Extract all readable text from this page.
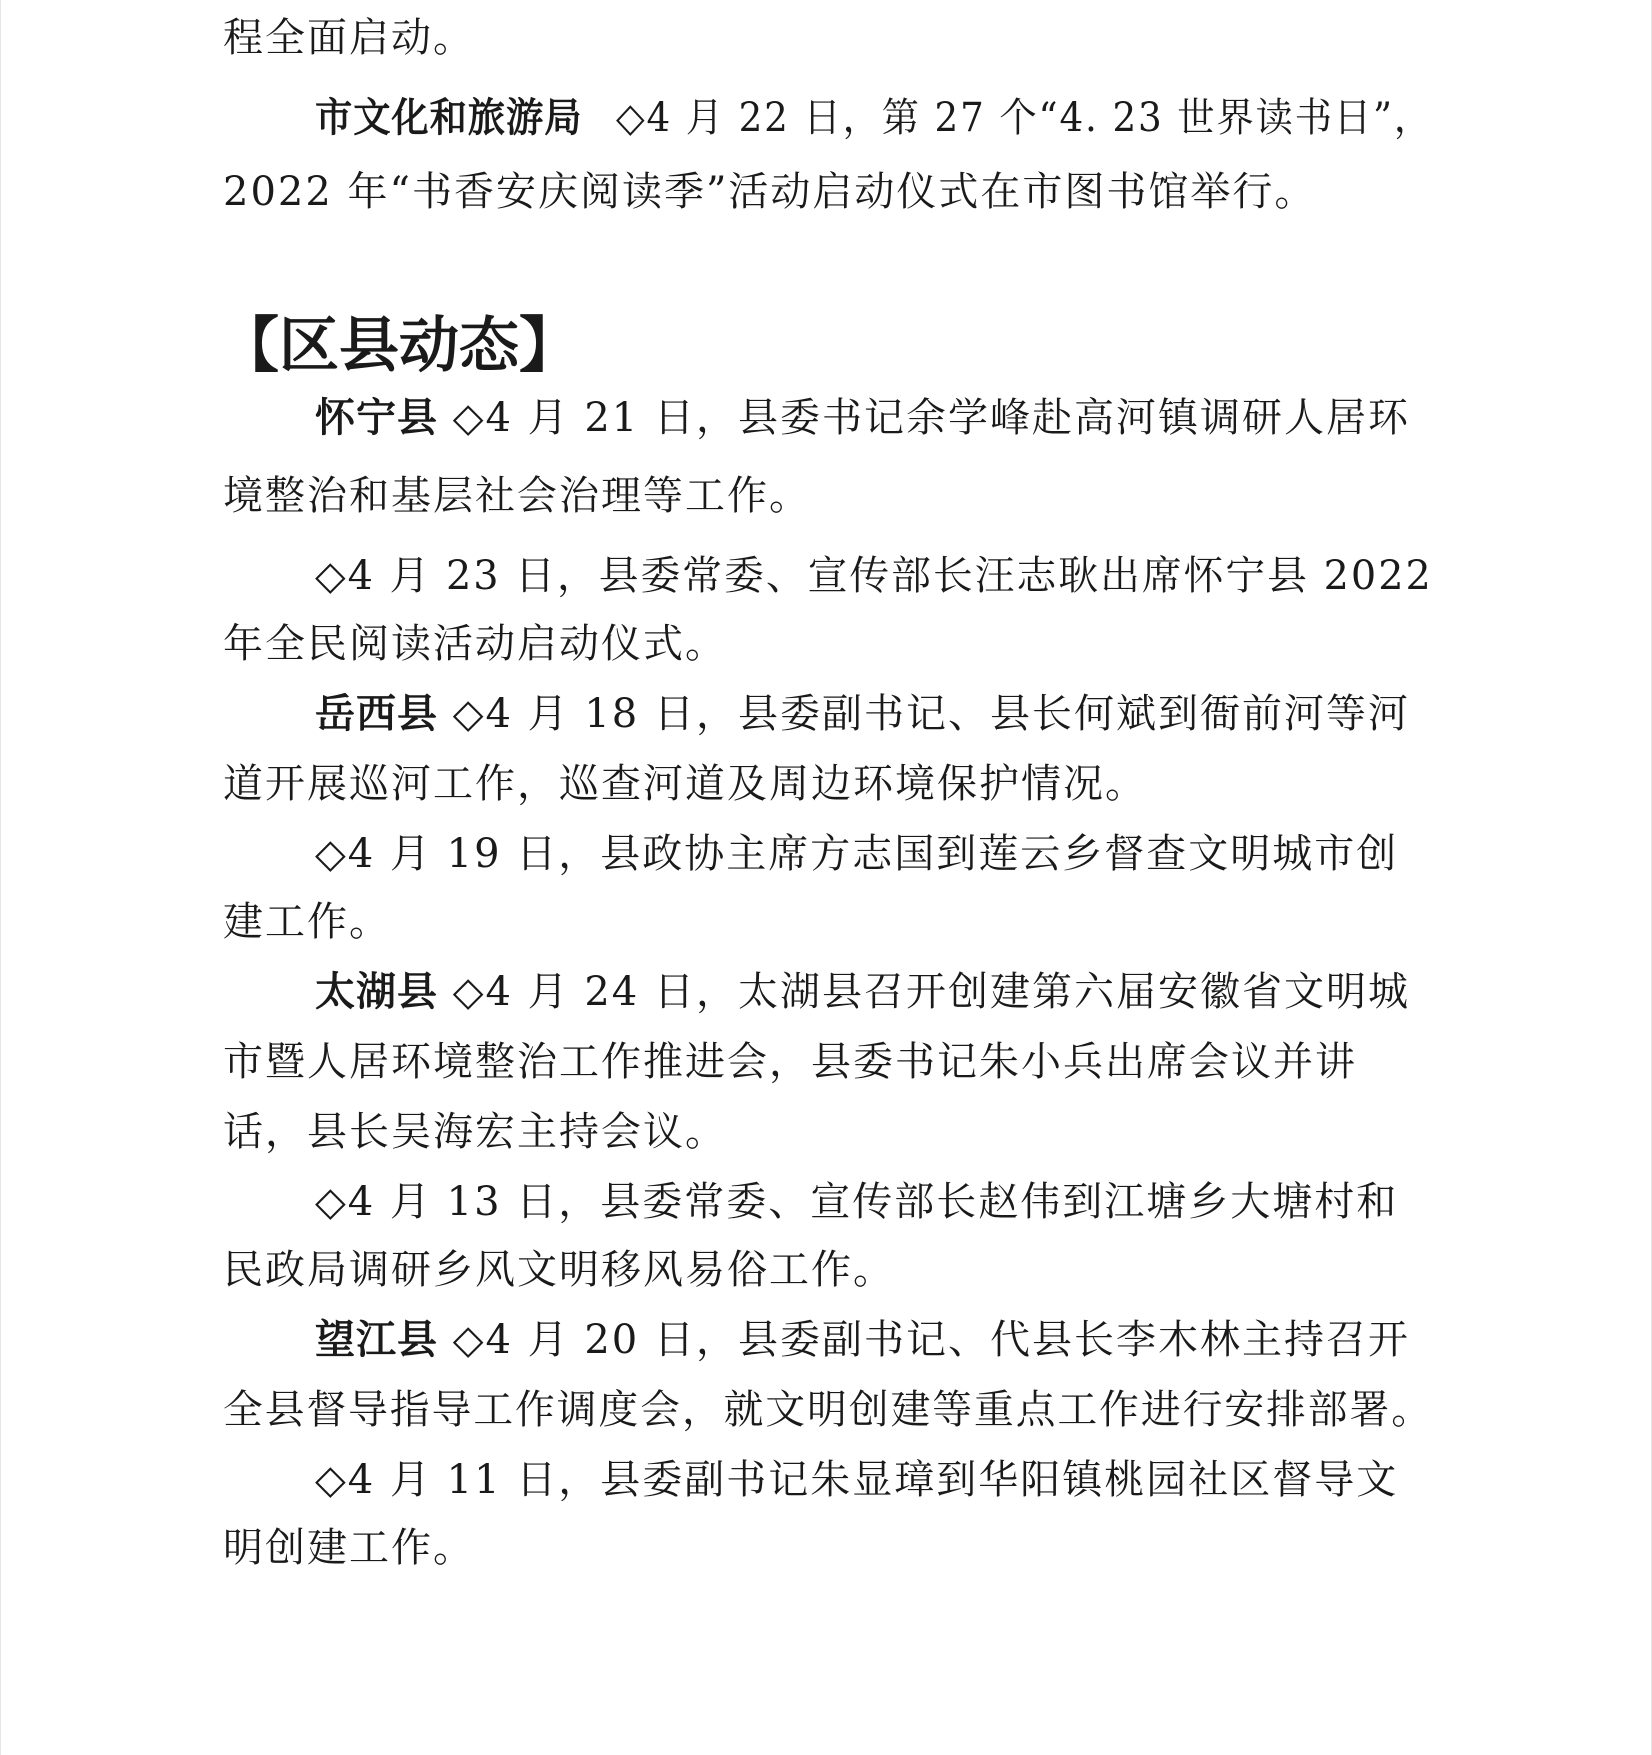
程全面启动。
市文化和旅游局 ◇4 月 22 日，第 27 个“4. 23 世界读书日”，
2022 年“书香安庆阅读季”活动启动仪式在市图书馆举行。
【区县动态】
怀宁县 ◇4 月 21 日，县委书记余学峰赴高河镇调研人居环
境整治和基层社会治理等工作。
◇4 月 23 日，县委常委、宣传部长汪志耿出席怀宁县 2022
年全民阅读活动启动仪式。
岳西县 ◇4 月 18 日，县委副书记、县长何斌到衙前河等河
道开展巡河工作，巡查河道及周边环境保护情况。
◇4 月 19 日，县政协主席方志国到莲云乡督查文明城市创
建工作。
太湖县 ◇4 月 24 日，太湖县召开创建第六届安徽省文明城
市暨人居环境整治工作推进会，县委书记朱小兵出席会议并讲
话，县长吴海宏主持会议。
◇4 月 13 日，县委常委、宣传部长赵伟到江塘乡大塘村和
民政局调研乡风文明移风易俗工作。
望江县 ◇4 月 20 日，县委副书记、代县长李木林主持召开
全县督导指导工作调度会，就文明创建等重点工作进行安排部署。
◇4 月 11 日，县委副书记朱显璋到华阳镇桃园社区督导文
明创建工作。
